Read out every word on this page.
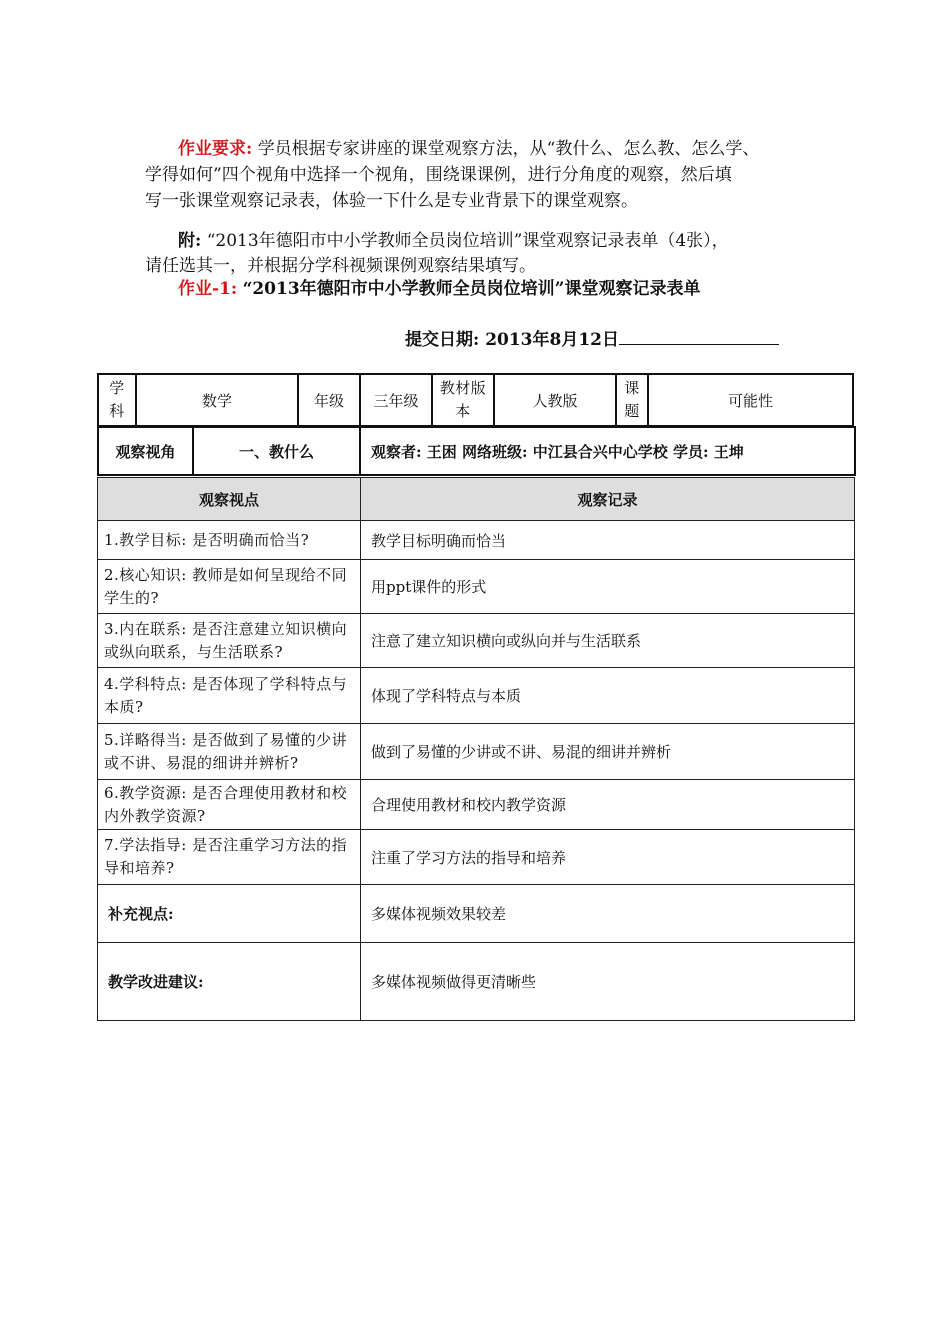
作业要求: 学员根据专家讲座的课堂观察方法，从“教什么、怎么教、怎么学、
学得如何”四个视角中选择一个视角，围绕课课例，进行分角度的观察，然后填
写一张课堂观察记录表，体验一下什么是专业背景下的课堂观察。
附: “2013年德阳市中小学教师全员岗位培训”课堂观察记录表单（4张），
请任选其一，并根据分学科视频课例观察结果填写。
作业-1: “2013年德阳市中小学教师全员岗位培训”课堂观察记录表单
提交日期: 2013年8月12日
学科	数学	年级	三年级	教材版本	人教版	课题	可能性
观察视角	一、教什么	观察者: 王困 网络班级: 中江县合兴中心学校 学员: 王坤
观察视点	观察记录
1.教学目标: 是否明确而恰当?	教学目标明确而恰当
2.核心知识: 教师是如何呈现给不同学生的?	用ppt课件的形式
3.内在联系: 是否注意建立知识横向或纵向联系，与生活联系?	注意了建立知识横向或纵向并与生活联系
4.学科特点: 是否体现了学科特点与本质?	体现了学科特点与本质
5.详略得当: 是否做到了易懂的少讲或不讲、易混的细讲并辨析?	做到了易懂的少讲或不讲、易混的细讲并辨析
6.教学资源: 是否合理使用教材和校内外教学资源?	合理使用教材和校内教学资源
7.学法指导: 是否注重学习方法的指导和培养?	注重了学习方法的指导和培养
补充视点:	多媒体视频效果较差
教学改进建议:	多媒体视频做得更清晰些
